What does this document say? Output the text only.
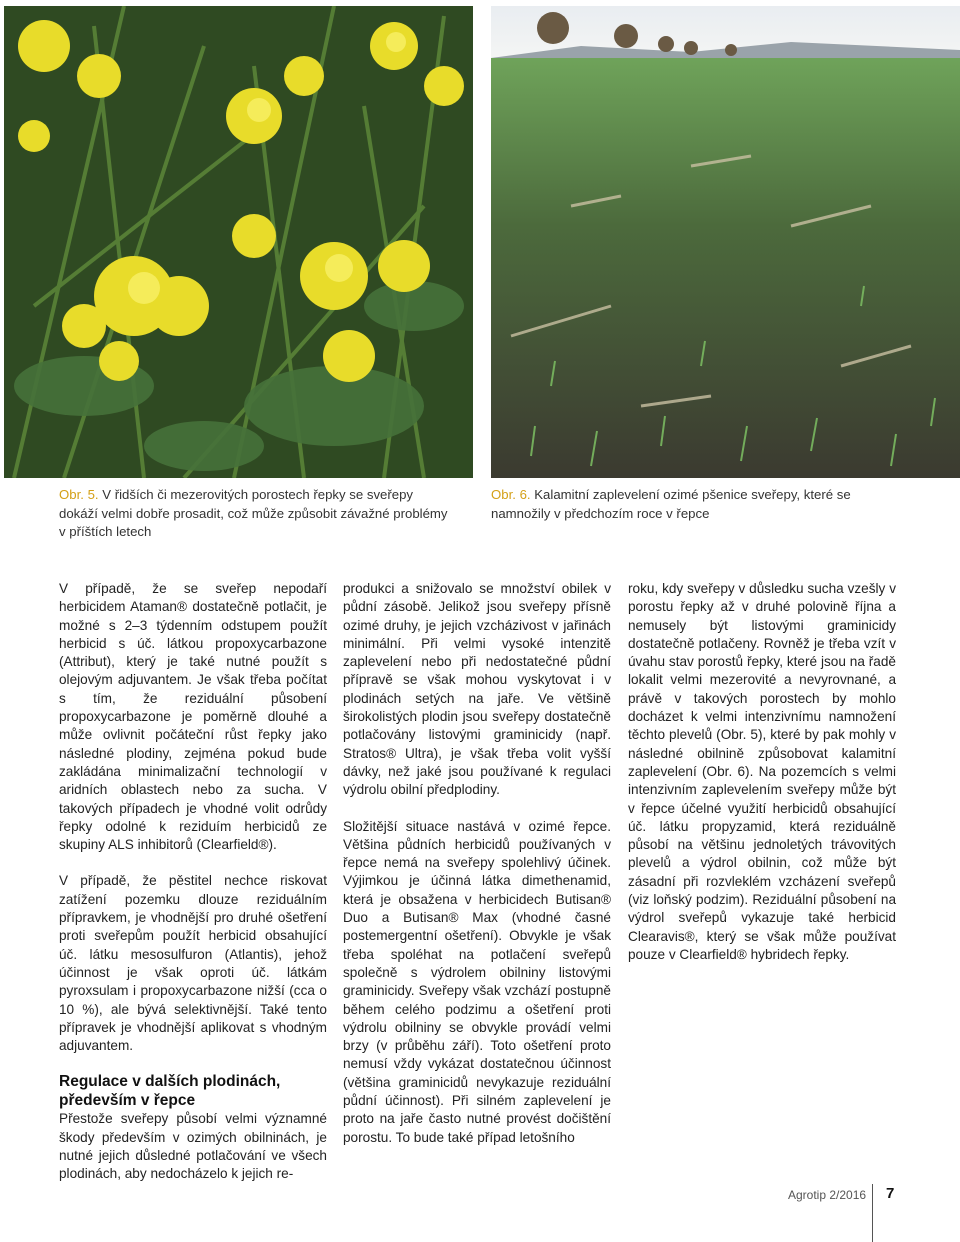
Obr. 5. V řidších či mezerovitých porostech řepky se sveřepy dokáží velmi dobře prosadit, což může způsobit závažné problémy v příštích letech
Obr. 6. Kalamitní zaplevelení ozimé pšenice sveřepy, které se namnožily v předchozím roce v řepce

V případě, že se sveřep nepodaří herbicidem Ataman® dostatečně potlačit, je možné s 2–3 týdenním odstupem použít herbicid s úč. látkou propoxycarbazone (Attribut), který je také nutné použít s olejovým adjuvantem. Je však třeba počítat s tím, že reziduální působení propoxycarbazone je poměrně dlouhé a může ovlivnit počáteční růst řepky jako následné plodiny, zejména pokud bude zakládána minimalizační technologií v aridních oblastech nebo za sucha. V takových případech je vhodné volit odrůdy řepky odolné k reziduím herbicidů ze skupiny ALS inhibitorů (Clearfield®).

V případě, že pěstitel nechce riskovat zatížení pozemku dlouze reziduálním přípravkem, je vhodnější pro druhé ošetření proti sveřepům použít herbicid obsahující úč. látku mesosulfuron (Atlantis), jehož účinnost je však oproti úč. látkám pyroxsulam i propoxycarbazone nižší (cca o 10 %), ale bývá selektivnější. Také tento přípravek je vhodnější aplikovat s vhodným adjuvantem.

Regulace v dalších plodinách,
především v řepce

Přestože sveřepy působí velmi významné škody především v ozimých obilninách, je nutné jejich důsledné potlačování ve všech plodinách, aby nedocházelo k jejich re-

produkci a snižovalo se množství obilek v půdní zásobě. Jelikož jsou sveřepy přísně ozimé druhy, je jejich vzcházivost v jařinách minimální. Při velmi vysoké intenzitě zaplevelení nebo při nedostatečné půdní přípravě se však mohou vyskytovat i v plodinách setých na jaře. Ve většině širokolistých plodin jsou sveřepy dostatečně potlačovány listovými graminicidy (např. Stratos® Ultra), je však třeba volit vyšší dávky, než jaké jsou používané k regulaci výdrolu obilní předplodiny.

Složitější situace nastává v ozimé řepce. Většina půdních herbicidů používaných v řepce nemá na sveřepy spolehlivý účinek. Výjimkou je účinná látka dimethenamid, která je obsažena v herbicidech Butisan® Duo a Butisan® Max (vhodné časné postemergentní ošetření). Obvykle je však třeba spoléhat na potlačení sveřepů společně s výdrolem obilniny listovými graminicidy. Sveřepy však vzchází postupně během celého podzimu a ošetření proti výdrolu obilniny se obvykle provádí velmi brzy (v průběhu září). Toto ošetření proto nemusí vždy vykázat dostatečnou účinnost (většina graminicidů nevykazuje reziduální půdní účinnost). Při silném zaplevelení je proto na jaře často nutné provést dočištění porostu. To bude také případ letošního

roku, kdy sveřepy v důsledku sucha vzešly v porostu řepky až v druhé polovině října a nemusely být listovými graminicidy dostatečně potlačeny. Rovněž je třeba vzít v úvahu stav porostů řepky, které jsou na řadě lokalit velmi mezerovité a nevyrovnané, a právě v takových porostech by mohlo docházet k velmi intenzivnímu namnožení těchto plevelů (Obr. 5), které by pak mohly v následné obilnině způsobovat kalamitní zaplevelení (Obr. 6). Na pozemcích s velmi intenzivním zaplevelením sveřepy může být v řepce účelné využití herbicidů obsahující úč. látku propyzamid, která reziduálně působí na většinu jednoletých trávovitých plevelů a výdrol obilnin, což může být zásadní při rozvleklém vzcházení sveřepů (viz loňský podzim). Reziduální působení na výdrol sveřepů vykazuje také herbicid Clearavis®, který se však může používat pouze v Clearfield® hybridech řepky.

Agrotip 2/2016 7
